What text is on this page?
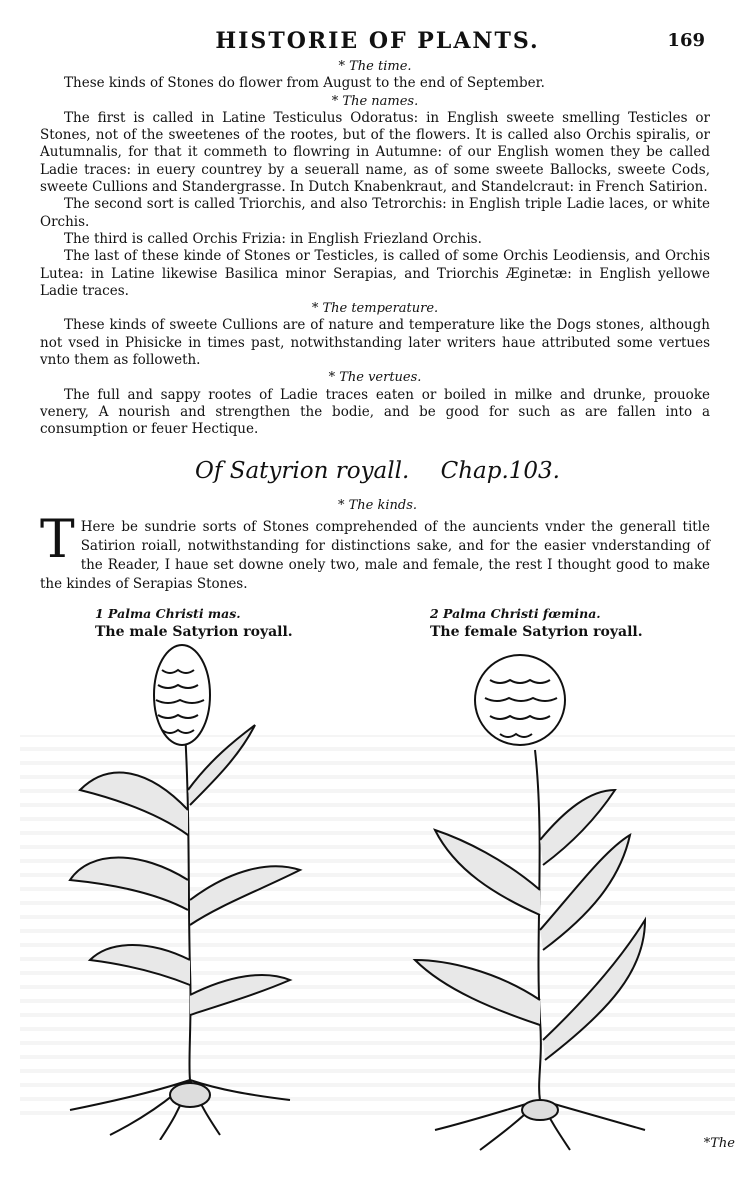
HISTORIE OF PLANTS.	169

* The time.

These kinds of Stones do flower from August to the end of September.

* The names.

The first is called in Latine Testiculus Odoratus: in English sweete smelling Testicles or Stones, not of the sweetenes of the rootes, but of the flowers. It is called also Orchis spiralis, or Autumnalis, for that it commeth to flowring in Autumne: of our English women they be called Ladie traces: in euery countrey by a seuerall name, as of some sweete Ballocks, sweete Cods, sweete Cullions and Standergrasse. In Dutch Knabenkraut, and Standelcraut: in French Satirion.

The second sort is called Triorchis, and also Tetrorchis: in English triple Ladie laces, or white Orchis.

The third is called Orchis Frizia: in English Friezland Orchis.

The last of these kinde of Stones or Testicles, is called of some Orchis Leodiensis, and Orchis Lutea: in Latine likewise Basilica minor Serapias, and Triorchis Æginetæ: in English yellowe Ladie traces.

* The temperature.

These kinds of sweete Cullions are of nature and temperature like the Dogs stones, although not vsed in Phisicke in times past, notwithstanding later writers haue attributed some vertues vnto them as followeth.

* The vertues.

The full and sappy rootes of Ladie traces eaten or boiled in milke and drunke, prouoke venery, A nourish and strengthen the bodie, and be good for such as are fallen into a consumption or feuer Hectique.

Of Satyrion royall. Chap.103.
* The kinds.
T Here be sundrie sorts of Stones comprehended of the auncients vnder the generall title Satirion roiall, notwithstanding for distinctions sake, and for the easier vnderstanding of the Reader, I haue set downe onely two, male and female, the rest I thought good to make the kindes of Serapias Stones.
1 Palma Christi mas.
The male Satyrion royall.
2 Palma Christi fœmina.
The female Satyrion royall.
*The
